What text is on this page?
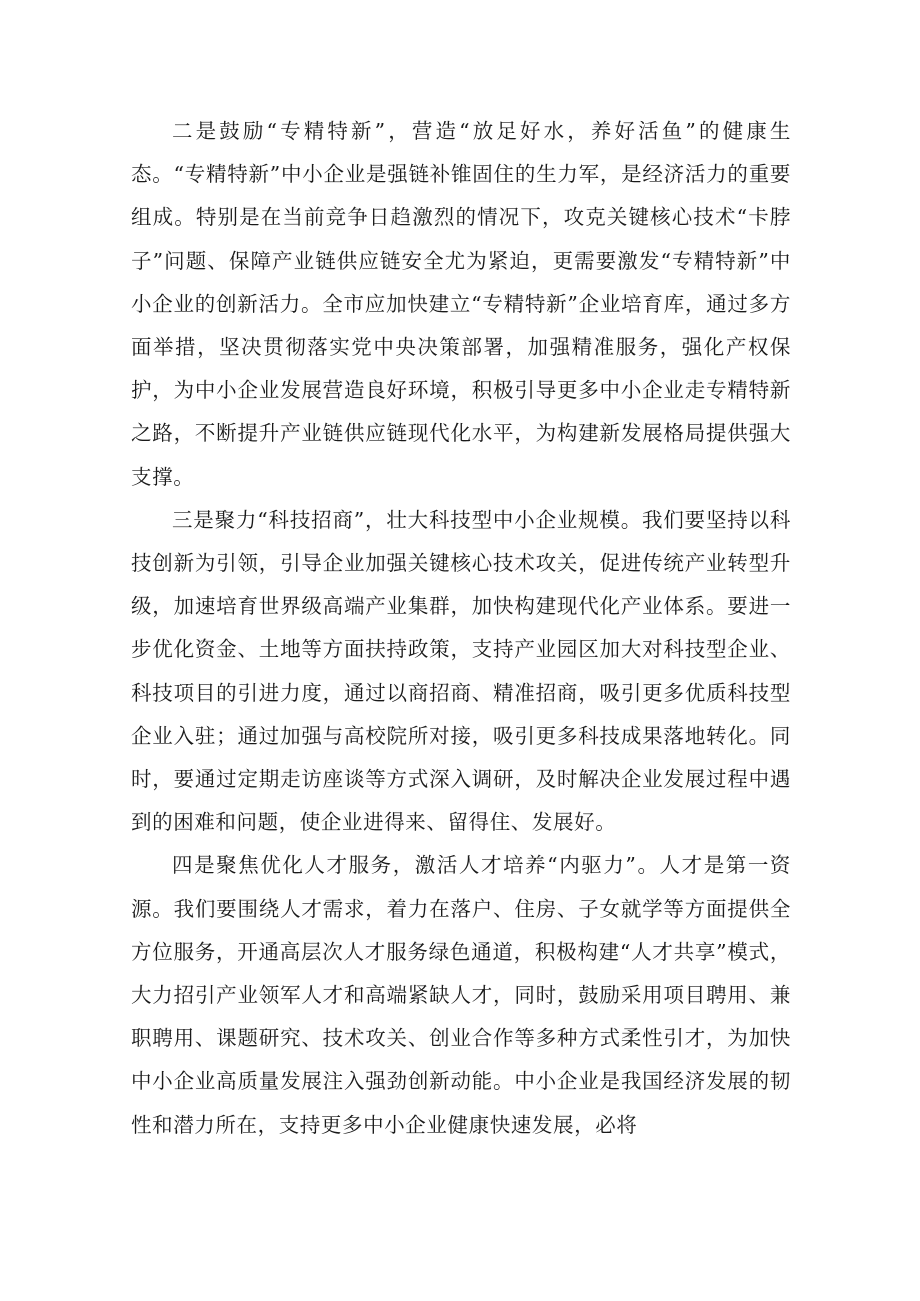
二是鼓励“专精特新”，营造“放足好水，养好活鱼”的健康生态。“专精特新”中小企业是强链补锥固住的生力军，是经济活力的重要组成。特别是在当前竞争日趋激烈的情况下，攻克关键核心技术“卡脖子”问题、保障产业链供应链安全尤为紧迫，更需要激发“专精特新”中小企业的创新活力。全市应加快建立“专精特新”企业培育库，通过多方面举措，坚决贯彻落实党中央决策部署，加强精准服务，强化产权保护，为中小企业发展营造良好环境，积极引导更多中小企业走专精特新之路，不断提升产业链供应链现代化水平，为构建新发展格局提供强大支撑。

三是聚力“科技招商”，壮大科技型中小企业规模。我们要坚持以科技创新为引领，引导企业加强关键核心技术攻关，促进传统产业转型升级，加速培育世界级高端产业集群，加快构建现代化产业体系。要进一步优化资金、土地等方面扶持政策，支持产业园区加大对科技型企业、科技项目的引进力度，通过以商招商、精准招商，吸引更多优质科技型企业入驻；通过加强与高校院所对接，吸引更多科技成果落地转化。同时，要通过定期走访座谈等方式深入调研，及时解决企业发展过程中遇到的困难和问题，使企业进得来、留得住、发展好。

四是聚焦优化人才服务，激活人才培养“内驱力”。人才是第一资源。我们要围绕人才需求，着力在落户、住房、子女就学等方面提供全方位服务，开通高层次人才服务绿色通道，积极构建“人才共享”模式，大力招引产业领军人才和高端紧缺人才，同时，鼓励采用项目聘用、兼职聘用、课题研究、技术攻关、创业合作等多种方式柔性引才，为加快中小企业高质量发展注入强劲创新动能。中小企业是我国经济发展的韧性和潜力所在，支持更多中小企业健康快速发展，必将
